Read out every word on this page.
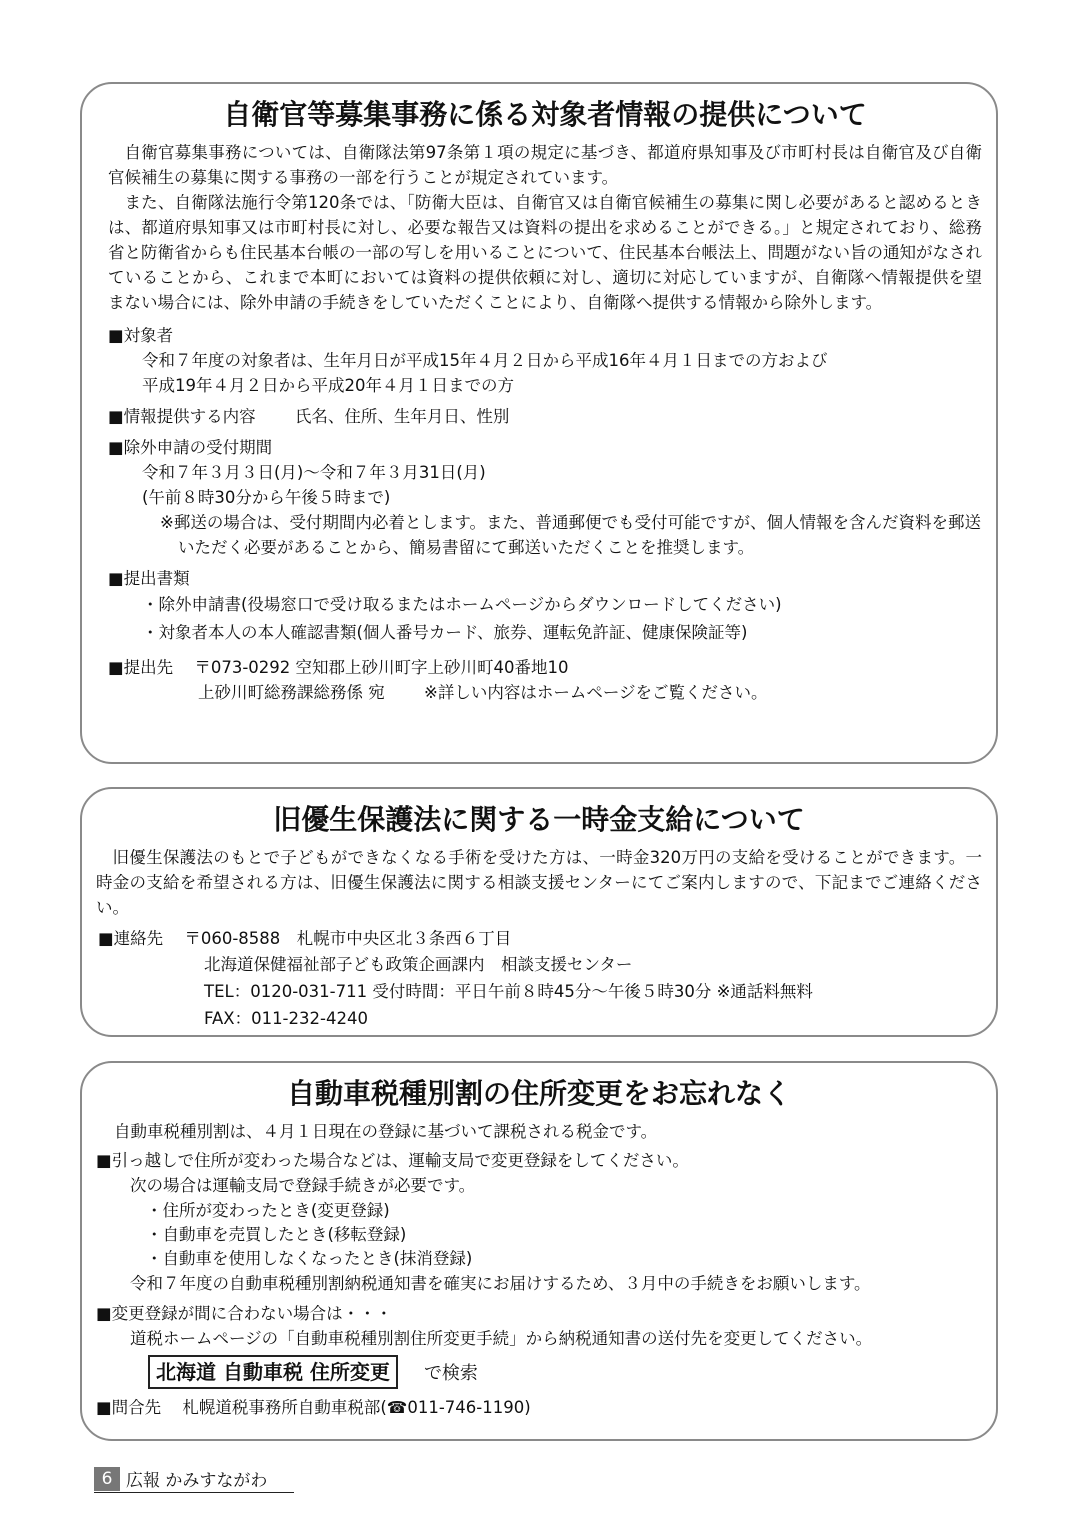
自衛官等募集事務に係る対象者情報の提供について

自衛官募集事務については、自衛隊法第97条第１項の規定に基づき、都道府県知事及び市町村長は自衛官及び自衛官候補生の募集に関する事務の一部を行うことが規定されています。

また、自衛隊法施行令第120条では、「防衛大臣は、自衛官又は自衛官候補生の募集に関し必要があると認めるときは、都道府県知事又は市町村長に対し、必要な報告又は資料の提出を求めることができる。」と規定されており、総務省と防衛省からも住民基本台帳の一部の写しを用いることについて、住民基本台帳法上、問題がない旨の通知がなされていることから、これまで本町においては資料の提供依頼に対し、適切に対応していますが、自衛隊へ情報提供を望まない場合には、除外申請の手続きをしていただくことにより、自衛隊へ提供する情報から除外します。

■対象者

令和７年度の対象者は、生年月日が平成15年４月２日から平成16年４月１日までの方および

平成19年４月２日から平成20年４月１日までの方

■情報提供する内容 氏名、住所、生年月日、性別

■除外申請の受付期間

令和７年３月３日(月)～令和７年３月31日(月)

(午前８時30分から午後５時まで)

※郵送の場合は、受付期間内必着とします。また、普通郵便でも受付可能ですが、個人情報を含んだ資料を郵送いただく必要があることから、簡易書留にて郵送いただくことを推奨します。

■提出書類

・除外申請書(役場窓口で受け取るまたはホームページからダウンロードしてください)

・対象者本人の本人確認書類(個人番号カード、旅券、運転免許証、健康保険証等)

■提出先 〒073-0292 空知郡上砂川町字上砂川町40番地10

上砂川町総務課総務係 宛 ※詳しい内容はホームページをご覧ください。

旧優生保護法に関する一時金支給について

旧優生保護法のもとで子どもができなくなる手術を受けた方は、一時金320万円の支給を受けることができます。一時金の支給を希望される方は、旧優生保護法に関する相談支援センターにてご案内しますので、下記までご連絡ください。

■連絡先 〒060-8588　札幌市中央区北３条西６丁目

北海道保健福祉部子ども政策企画課内　相談支援センター

TEL：0120-031-711 受付時間：平日午前８時45分～午後５時30分 ※通話料無料

FAX：011-232-4240

自動車税種別割の住所変更をお忘れなく

自動車税種別割は、４月１日現在の登録に基づいて課税される税金です。

■引っ越しで住所が変わった場合などは、運輸支局で変更登録をしてください。

次の場合は運輸支局で登録手続きが必要です。

・住所が変わったとき(変更登録)

・自動車を売買したとき(移転登録)

・自動車を使用しなくなったとき(抹消登録)

令和７年度の自動車税種別割納税通知書を確実にお届けするため、３月中の手続きをお願いします。

■変更登録が間に合わない場合は・・・

道税ホームページの「自動車税種別割住所変更手続」から納税通知書の送付先を変更してください。

北海道 自動車税 住所変更	で検索

■問合先 札幌道税事務所自動車税部(☎011-746-1190)

6 広報 かみすながわ
